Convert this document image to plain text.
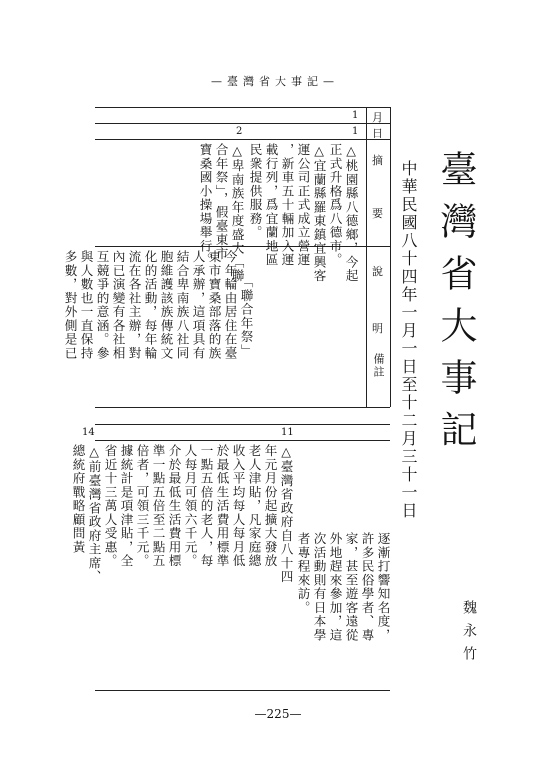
—臺灣省大事記—
月
日
摘
要
說
明
備註
1
1
2
△桃園縣八德鄉，今起
正式升格爲八德市。
△宜蘭縣羅東鎮宜興客
運公司正式成立營運
，新車五十輛加入運
載行列，爲宜蘭地區
民衆提供服務。
△卑南族年度盛大「聯
合年祭」，假臺東市
寶桑國小操場舉行。
「聯合年祭」
今年輪由居住在臺
東市寶桑部落的族
人承辦，這項具有
結合卑南族八社同
胞維護該族傳統文
化的活動，每年輪
流在各社主辦，對
內已演變有各社相
互競爭的意涵。參
與人數也一直保持
多數，對外側是已
11
14
△臺灣省政府自八十四
年元月份起擴大發放
老人津貼，凡家庭總
收入平均每人每月低
於最低生活費用標準
一點五倍的老人，每
人每月可領六千元。
介於最低生活費用標
準一點五倍至二點五
倍者，可領三千元。
據統計是項津貼，全
省近十三萬人受惠。
△前臺灣省政府主席、
總統府戰略顧問黃
逐漸打響知名度，
許多民俗學者、專
家，甚至遊客遠從
外地趕來參加，這
次活動則有日本學
者專程來訪。
臺灣省大事記
中華民國八十四年一月一日至十二月三十一日
魏永竹
—225—
